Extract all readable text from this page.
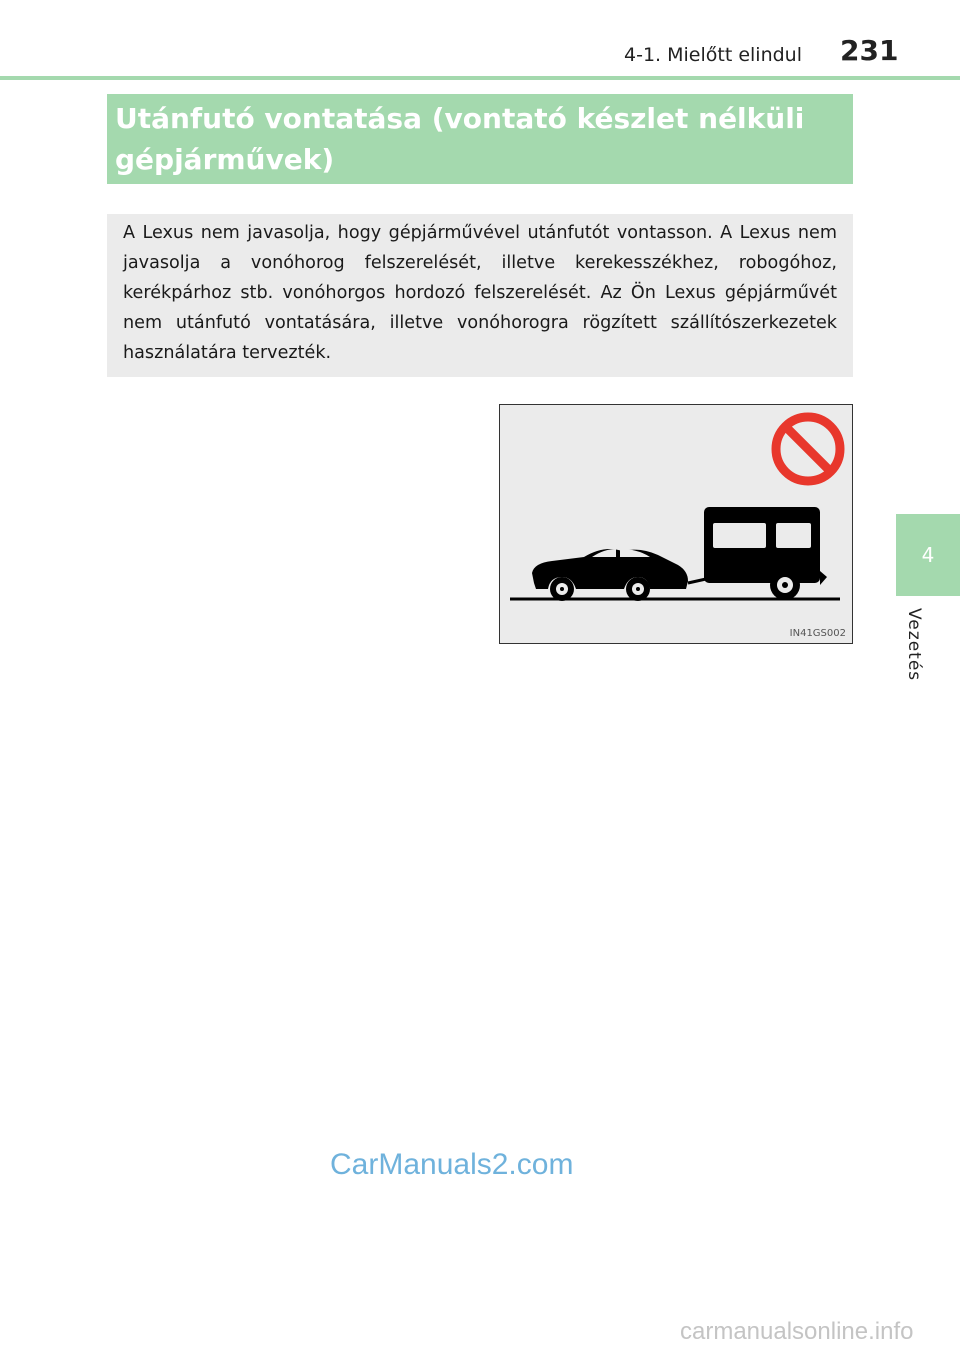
4-1. Mielőtt elindul 231
4
Vezetés

Utánfutó vontatása (vontató készlet nélküli
gépjárművek)

A Lexus nem javasolja, hogy gépjárművével utánfutót vontasson. A Lexus nem javasolja a vonóhorog felszerelését, illetve kerekesszékhez, robogóhoz, kerékpárhoz stb. vonóhorgos hordozó felszerelését. Az Ön Lexus gépjárművét nem utánfutó vontatására, illetve vonóhorogra rögzített szállítószerkezetek használatára tervezték.

IN41GS002
CarManuals2.com
carmanualsonline.info
